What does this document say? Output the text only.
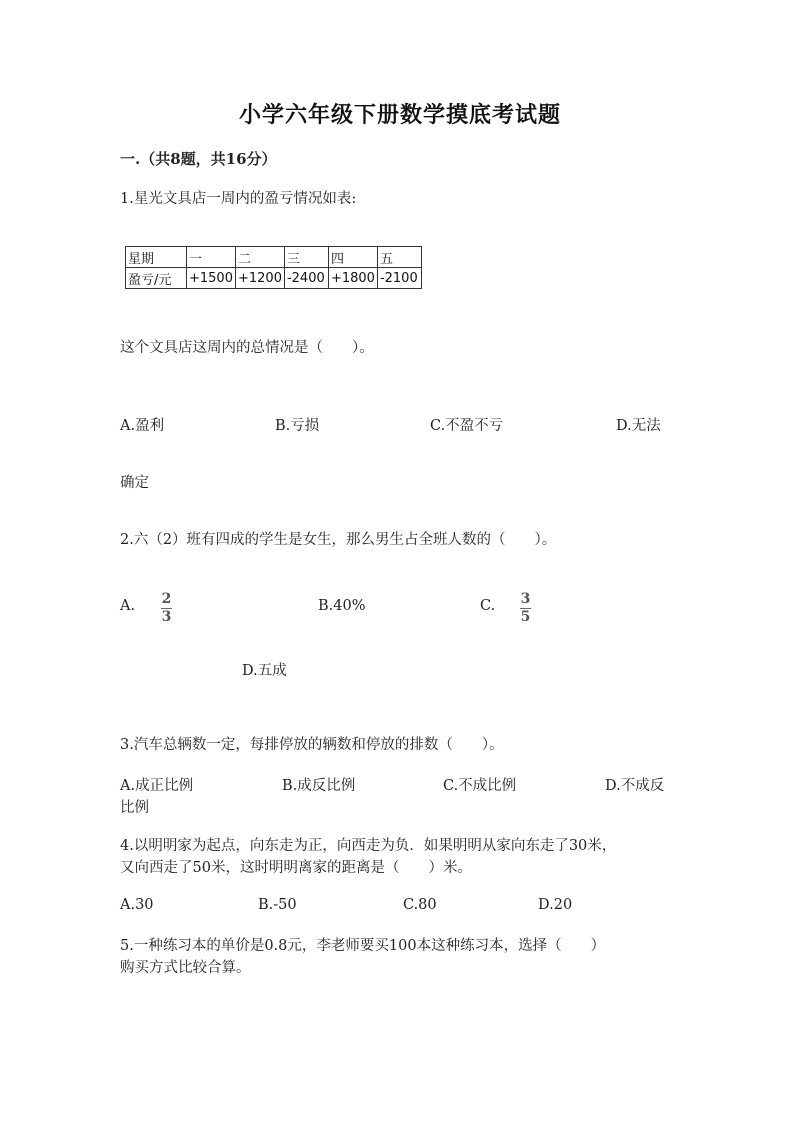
小学六年级下册数学摸底考试题
一.（共8题，共16分）
1.星光文具店一周内的盈亏情况如表:
星期	一	二	三	四	五
盈亏/元	+1500	+1200	-2400	+1800	-2100
这个文具店这周内的总情况是（　　）。
A.盈利	B.亏损	C.不盈不亏	D.无法
确定
2.六（2）班有四成的学生是女生，那么男生占全班人数的（　　）。
A. 2
3
B.40%	C. 3
5
D.五成
3.汽车总辆数一定，每排停放的辆数和停放的排数（　　）。
A.成正比例	B.成反比例	C.不成比例	D.不成反
比例
4.以明明家为起点，向东走为正，向西走为负．如果明明从家向东走了30米，
又向西走了50米，这时明明离家的距离是（　　）米。
A.30	B.-50	C.80	D.20
5.一种练习本的单价是0.8元，李老师要买100本这种练习本，选择（　　）
购买方式比较合算。
